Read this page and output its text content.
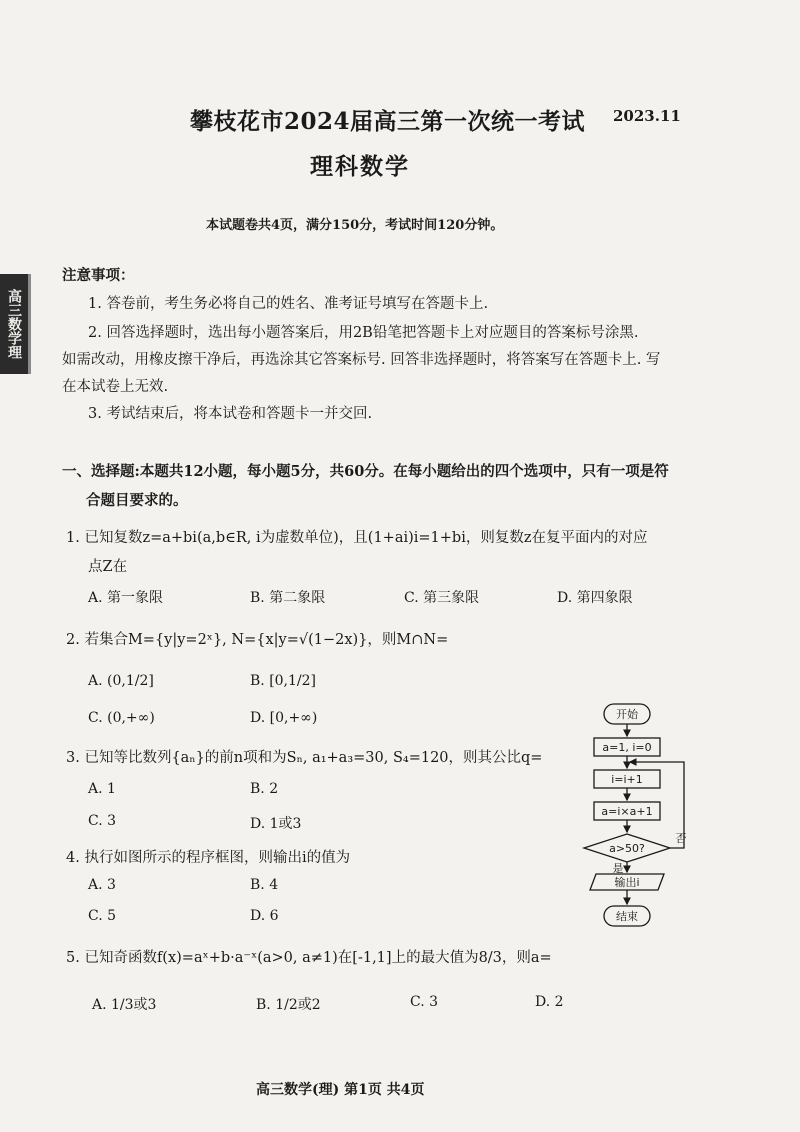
攀枝花市2024届高三第一次统一考试 2023.11
理科数学
本试题卷共4页，满分150分，考试时间120分钟。
高三数学理
注意事项：
1. 答卷前，考生务必将自己的姓名、准考证号填写在答题卡上.
2. 回答选择题时，选出每小题答案后，用2B铅笔把答题卡上对应题目的答案标号涂黑.
如需改动，用橡皮擦干净后，再选涂其它答案标号. 回答非选择题时，将答案写在答题卡上. 写
在本试卷上无效.
3. 考试结束后，将本试卷和答题卡一并交回.
一、选择题:本题共12小题，每小题5分，共60分。在每小题给出的四个选项中，只有一项是符
合题目要求的。
1. 已知复数z=a+bi(a,b∈R, i为虚数单位)，且(1+ai)i=1+bi，则复数z在复平面内的对应
点Z在
A. 第一象限	B. 第二象限	C. 第三象限	D. 第四象限
2. 若集合M={y|y=2ˣ}, N={x|y=√(1−2x)}，则M∩N=
A. (0,1/2]	B. [0,1/2]
C. (0,+∞)	D. [0,+∞)
3. 已知等比数列{aₙ}的前n项和为Sₙ, a₁+a₃=30, S₄=120，则其公比q=
A. 1	B. 2
C. 3	D. 1或3
4. 执行如图所示的程序框图，则输出i的值为
A. 3	B. 4
C. 5	D. 6
5. 已知奇函数f(x)=aˣ+b·a⁻ˣ(a>0, a≠1)在[-1,1]上的最大值为8/3，则a=
A. 1/3或3	B. 1/2或2	C. 3	D. 2
开始
a=1, i=0
i=i+1
a=i×a+1
a>50?
是
否
输出i
结束
高三数学(理) 第1页 共4页
